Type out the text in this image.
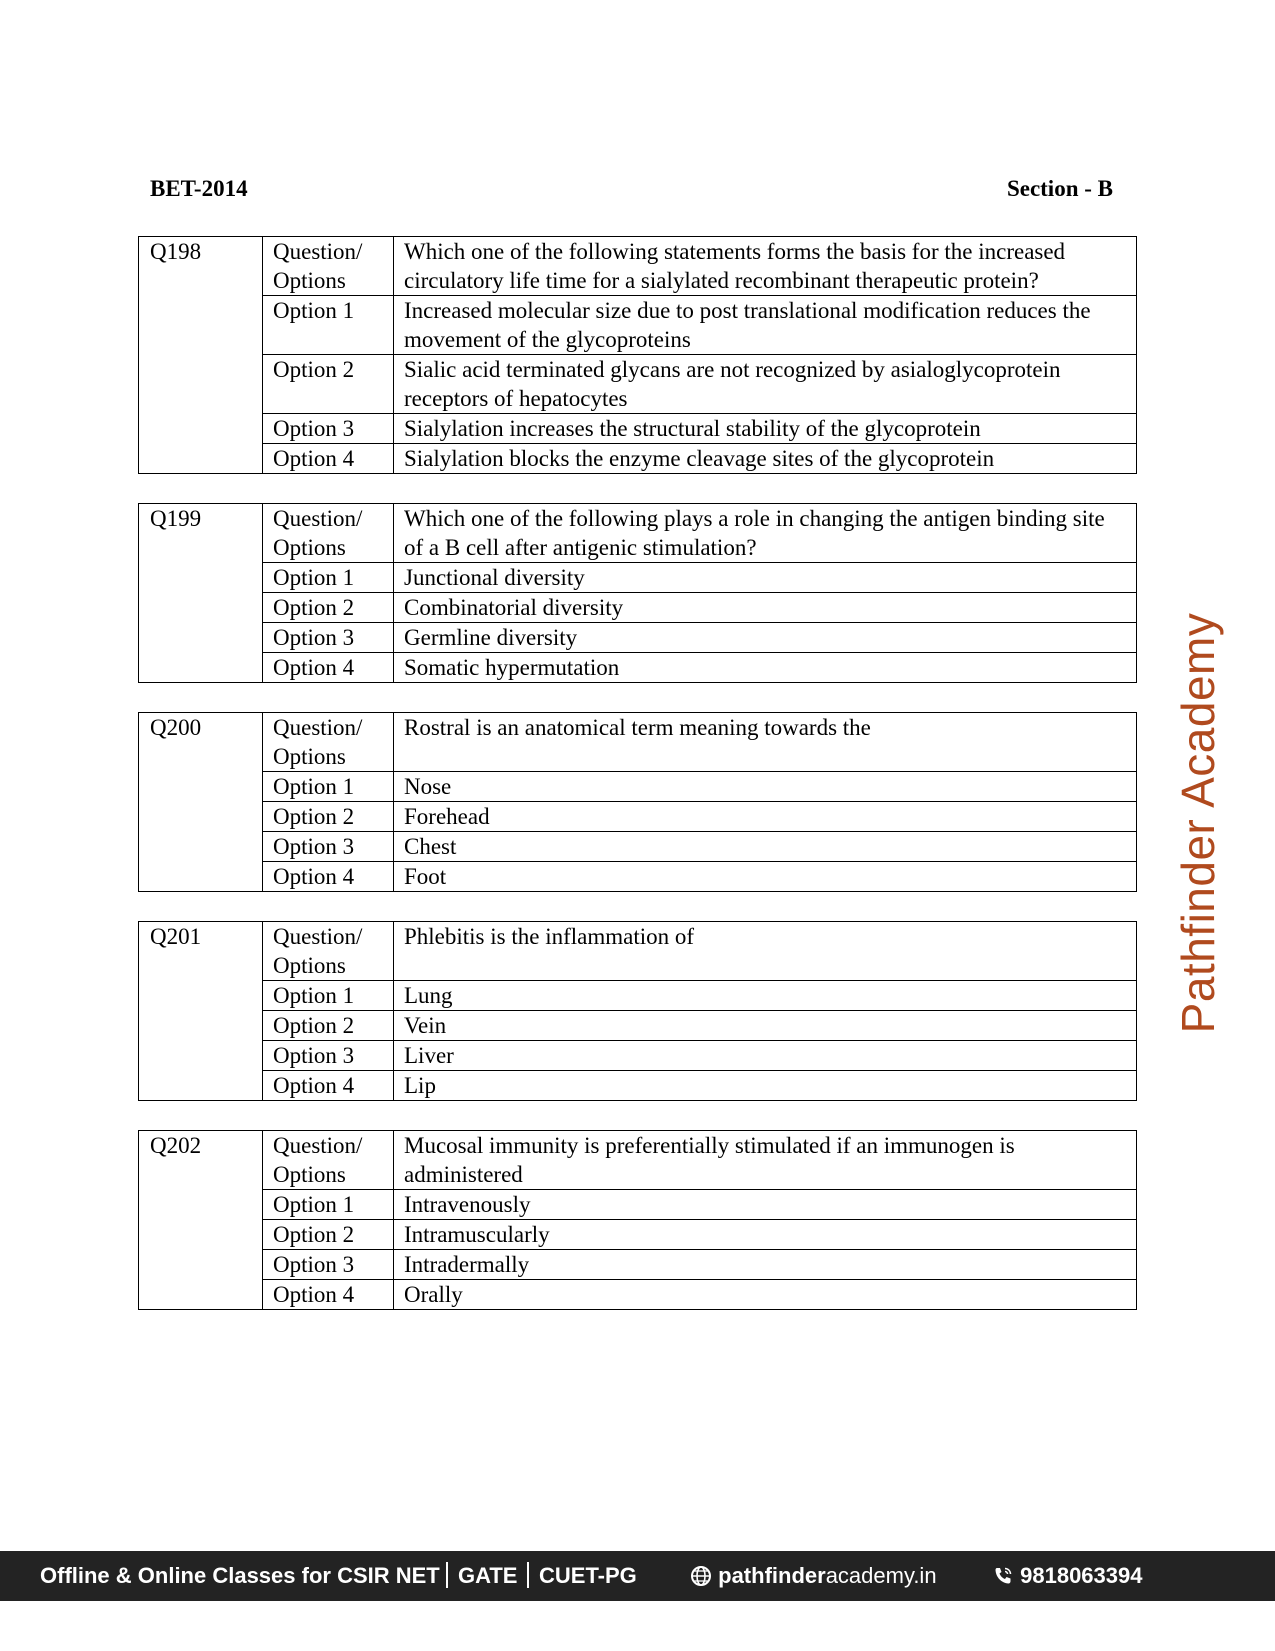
BET-2014	Section - B
Q198	Question/ Options	Which one of the following statements forms the basis for the increased circulatory life time for a sialylated recombinant therapeutic protein?
	Option 1	Increased molecular size due to post translational modification reduces the movement of the glycoproteins
	Option 2	Sialic acid terminated glycans are not recognized by asialoglycoprotein receptors of hepatocytes
	Option 3	Sialylation increases the structural stability of the glycoprotein
	Option 4	Sialylation blocks the enzyme cleavage sites of the glycoprotein
Q199	Question/ Options	Which one of the following plays a role in changing the antigen binding site of a B cell after antigenic stimulation?
	Option 1	Junctional diversity
	Option 2	Combinatorial diversity
	Option 3	Germline diversity
	Option 4	Somatic hypermutation
Q200	Question/ Options	Rostral is an anatomical term meaning towards the
	Option 1	Nose
	Option 2	Forehead
	Option 3	Chest
	Option 4	Foot
Q201	Question/ Options	Phlebitis is the inflammation of
	Option 1	Lung
	Option 2	Vein
	Option 3	Liver
	Option 4	Lip
Q202	Question/ Options	Mucosal immunity is preferentially stimulated if an immunogen is administered
	Option 1	Intravenously
	Option 2	Intramuscularly
	Option 3	Intradermally
	Option 4	Orally
Pathfinder Academy
Offline & Online Classes for CSIR NET GATE CUET-PG	pathfinderacademy.in	9818063394
